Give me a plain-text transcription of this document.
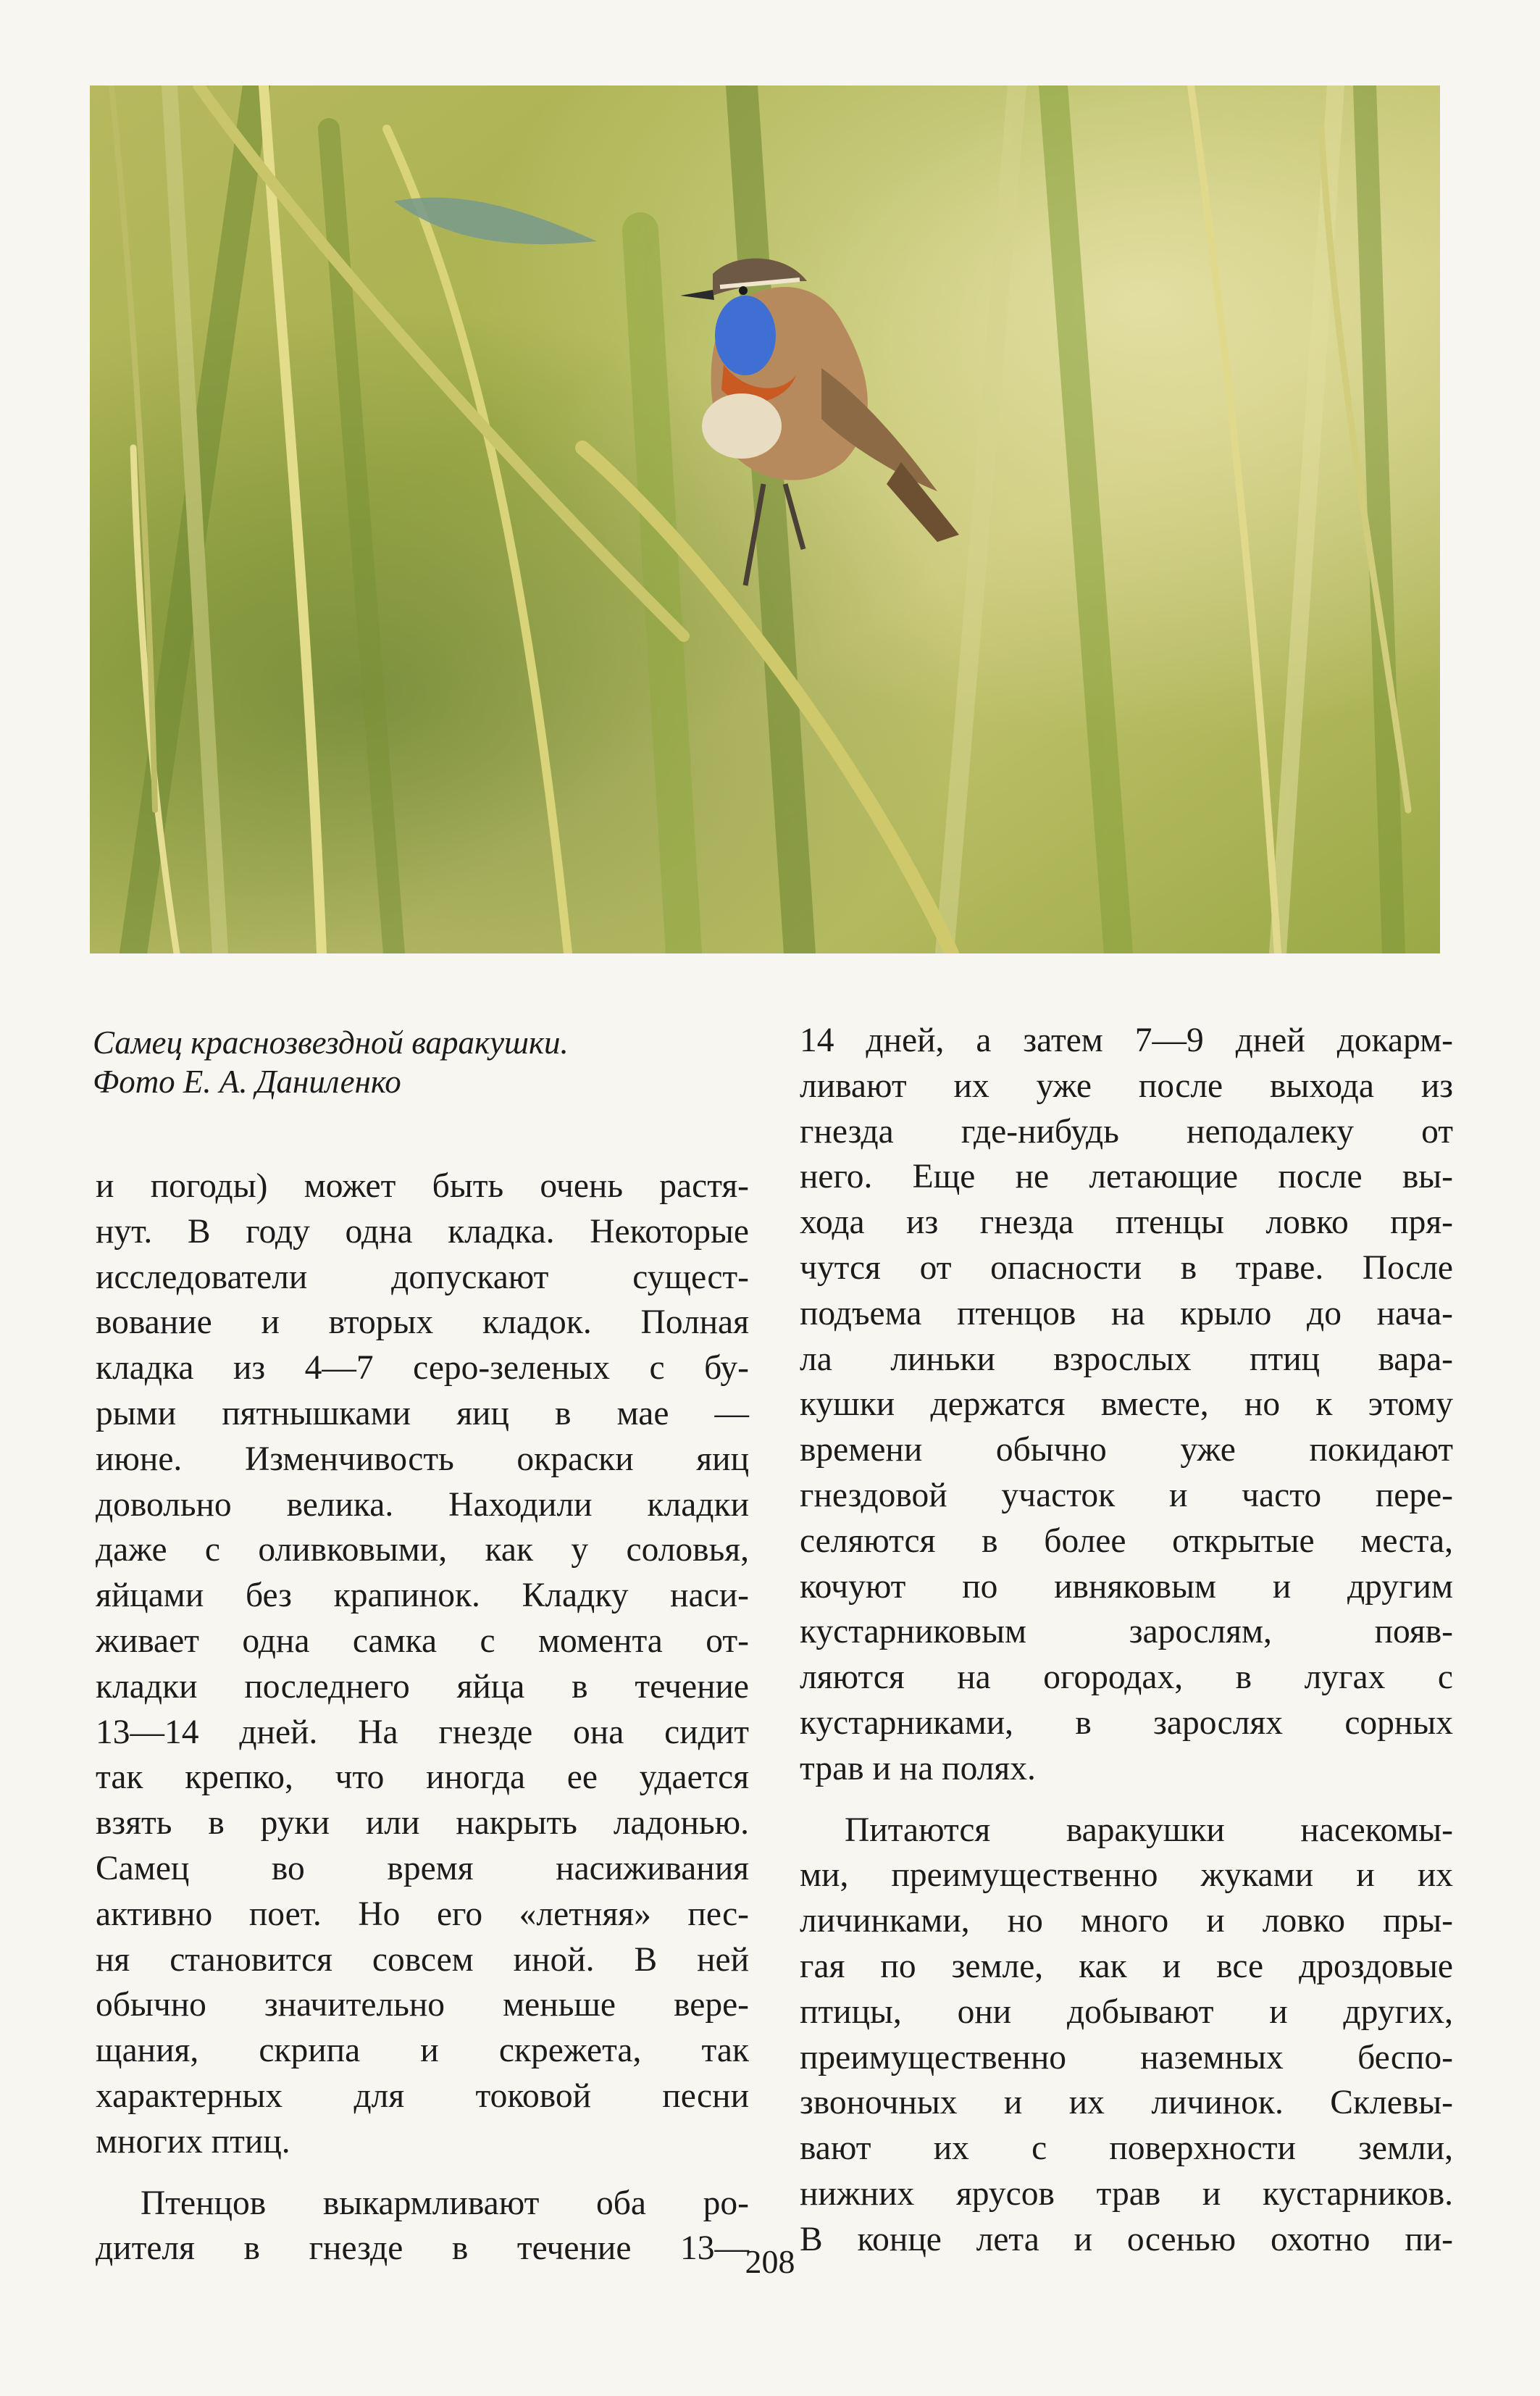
Самец краснозвездной варакушки.
Фото Е. А. Даниленко
и погоды) может быть очень растя-
нут. В году одна кладка. Некоторые
исследователи допускают сущест-
вование и вторых кладок. Полная
кладка из 4—7 серо-зеленых с бу-
рыми пятнышками яиц в мае —
июне. Изменчивость окраски яиц
довольно велика. Находили кладки
даже с оливковыми, как у соловья,
яйцами без крапинок. Кладку наси-
живает одна самка с момента от-
кладки последнего яйца в течение
13—14 дней. На гнезде она сидит
так крепко, что иногда ее удается
взять в руки или накрыть ладонью.
Самец во время насиживания
активно поет. Но его «летняя» пес-
ня становится совсем иной. В ней
обычно значительно меньше вере-
щания, скрипа и скрежета, так
характерных для токовой песни
многих птиц.
Птенцов выкармливают оба ро-
дителя в гнезде в течение 13—
14 дней, а затем 7—9 дней докарм-
ливают их уже после выхода из
гнезда где-нибудь неподалеку от
него. Еще не летающие после вы-
хода из гнезда птенцы ловко пря-
чутся от опасности в траве. После
подъема птенцов на крыло до нача-
ла линьки взрослых птиц вара-
кушки держатся вместе, но к этому
времени обычно уже покидают
гнездовой участок и часто пере-
селяются в более открытые места,
кочуют по ивняковым и другим
кустарниковым зарослям, появ-
ляются на огородах, в лугах с
кустарниками, в зарослях сорных
трав и на полях.
Питаются варакушки насекомы-
ми, преимущественно жуками и их
личинками, но много и ловко пры-
гая по земле, как и все дроздовые
птицы, они добывают и других,
преимущественно наземных беспо-
звоночных и их личинок. Склевы-
вают их с поверхности земли,
нижних ярусов трав и кустарников.
В конце лета и осенью охотно пи-
208
